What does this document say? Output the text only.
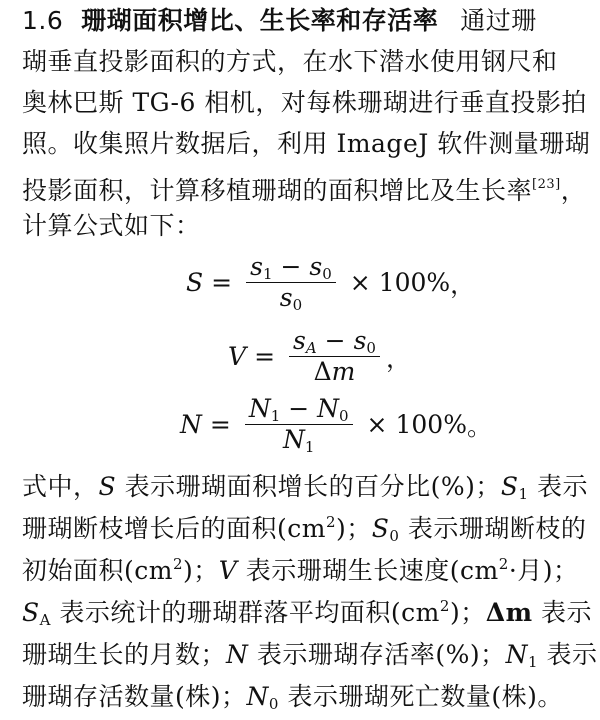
1.6 珊瑚面积增比、生长率和存活率 通过珊
瑚垂直投影面积的方式，在水下潜水使用钢尺和
奥林巴斯 TG-6 相机，对每株珊瑚进行垂直投影拍
照。收集照片数据后，利用 ImageJ 软件测量珊瑚
投影面积，计算移植珊瑚的面积增比及生长率[23]，
计算公式如下：
$S = \frac{s_1 - s_0}{s_0} \times 100\%$ ，
$V = \frac{s_A - s_0}{\Delta m}$ ，
$N = \frac{N_1 - N_0}{N_1} \times 100\%$ 。
式中，S 表示珊瑚面积增长的百分比(%)；$S_1$ 表示
珊瑚断枝增长后的面积$(cm^2)$；$S_0$ 表示珊瑚断枝的
初始面积$(cm^2)$；V 表示珊瑚生长速度($cm^2\cdot$月)；
$S_A$ 表示统计的珊瑚群落平均面积$(cm^2)$；Δm 表示
珊瑚生长的月数；N 表示珊瑚存活率(%)；$N_1$ 表示
珊瑚存活数量(株)；$N_0$ 表示珊瑚死亡数量(株)。
